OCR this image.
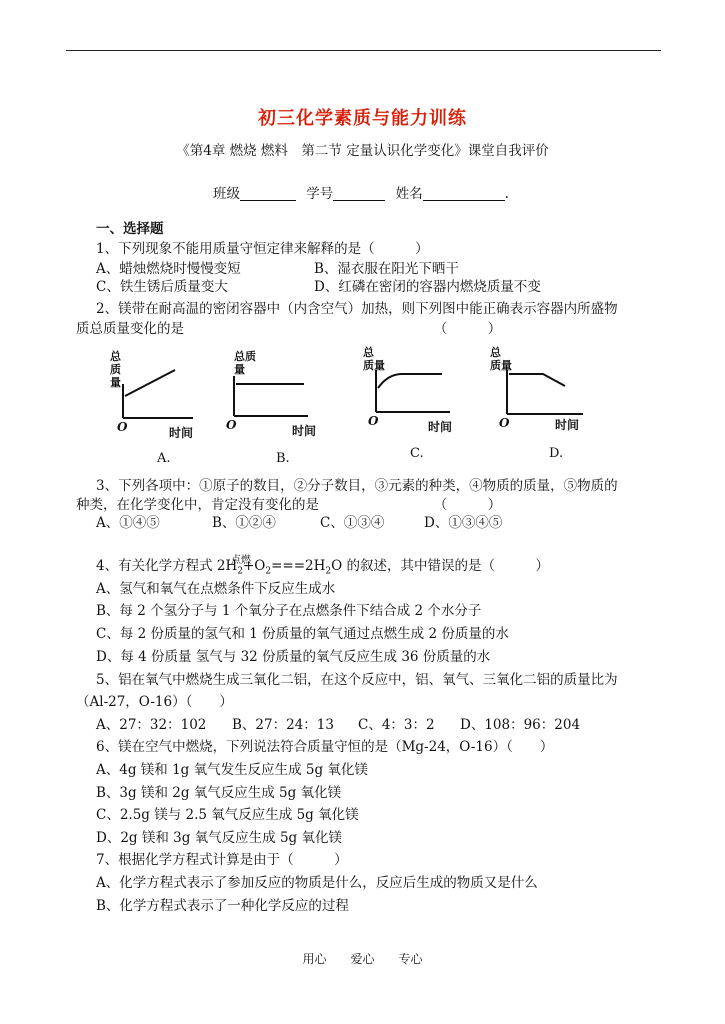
初三化学素质与能力训练
《第4章 燃烧 燃料　第二节 定量认识化学变化》课堂自我评价
班级	学号	姓名	.
一、选择题
1、下列现象不能用质量守恒定律来解释的是（　　　）
A、蜡烛燃烧时慢慢变短	B、湿衣服在阳光下晒干
C、铁生锈后质量变大	D、红磷在密闭的容器内燃烧质量不变
2、镁带在耐高温的密闭容器中（内含空气）加热，则下列图中能正确表示容器内所盛物
质总质量变化的是　　　　　　　　　　　　　　　　　　　（　　　）
总
质
量
O	时间
A.
总质
量
O	时间
B.
总
质量
O	时间
C.
总
质量
O	时间
D.
3、下列各项中：①原子的数目，②分子数目，③元素的种类，④物质的质量，⑤物质的
种类，在化学变化中，肯定没有变化的是　　　　　　　　　（　　　）
A、①④⑤	B、①②④	C、①③④	D、①③④⑤
点燃
4、有关化学方程式 $2H_2+O_2===2H_2O$ 的叙述，其中错误的是（　　　）
A、氢气和氧气在点燃条件下反应生成水
B、每 2 个氢分子与 1 个氧分子在点燃条件下结合成 2 个水分子
C、每 2 份质量的氢气和 1 份质量的氧气通过点燃生成 2 份质量的水
D、每 4 份质量 氢气与 32 份质量的氧气反应生成 36 份质量的水
5、铝在氧气中燃烧生成三氧化二铝，在这个反应中，铝、氧气、三氧化二铝的质量比为
（Al-27，O-16）（　　）
A、27：32：102 B、27：24：13 C、4：3：2 D、108：96：204
6、镁在空气中燃烧，下列说法符合质量守恒的是（Mg-24，O-16）（　　）
A、4g 镁和 1g 氧气发生反应生成 5g 氧化镁
B、3g 镁和 2g 氧气反应生成 5g 氧化镁
C、2.5g 镁与 2.5 氧气反应生成 5g 氧化镁
D、2g 镁和 3g 氧气反应生成 5g 氧化镁
7、根据化学方程式计算是由于（　　　）
A、化学方程式表示了参加反应的物质是什么，反应后生成的物质又是什么
B、化学方程式表示了一种化学反应的过程
用心　　爱心　　专心
